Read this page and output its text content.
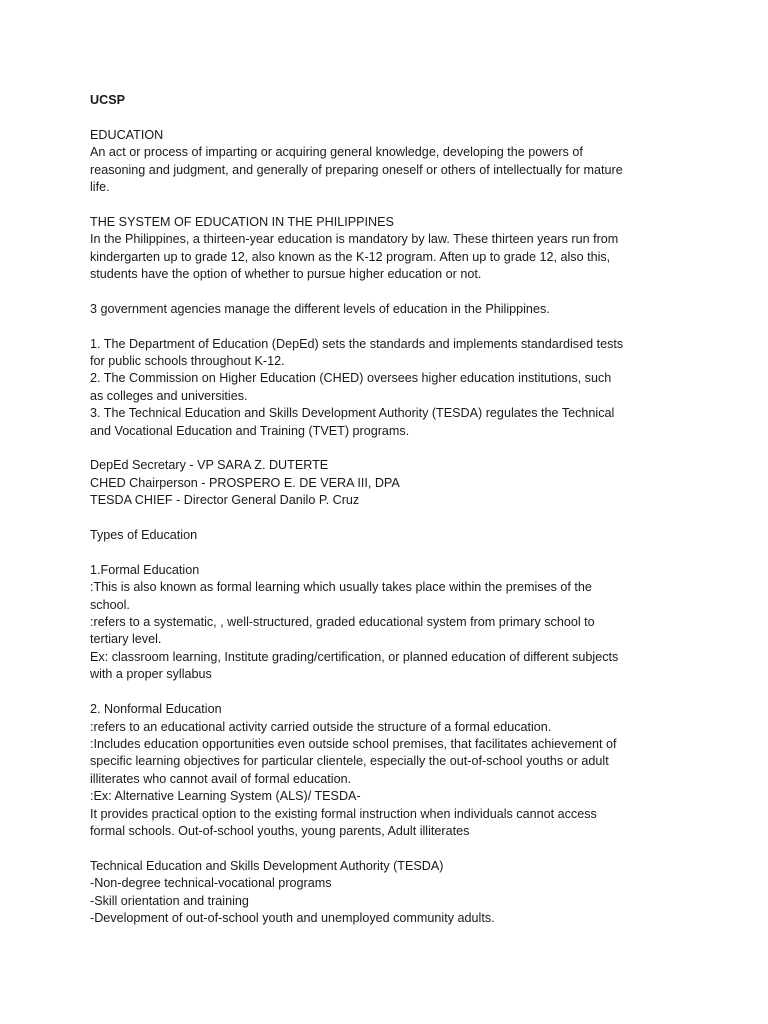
UCSP
EDUCATION
An act or process of imparting or acquiring general knowledge, developing the powers of
reasoning and judgment, and generally of preparing oneself or others of intellectually for mature
life.
THE SYSTEM OF EDUCATION IN THE PHILIPPINES
In the Philippines, a thirteen-year education is mandatory by law. These thirteen years run from
kindergarten up to grade 12, also known as the K-12 program. Aften up to grade 12, also this,
students have the option of whether to pursue higher education or not.
3 government agencies manage the different levels of education in the Philippines.
1. The Department of Education (DepEd) sets the standards and implements standardised tests
for public schools throughout K-12.
2. The Commission on Higher Education (CHED) oversees higher education institutions, such
as colleges and universities.
3. The Technical Education and Skills Development Authority (TESDA) regulates the Technical
and Vocational Education and Training (TVET) programs.
DepEd Secretary - VP SARA Z. DUTERTE
CHED Chairperson - PROSPERO E. DE VERA III, DPA
TESDA CHIEF - Director General Danilo P. Cruz
Types of Education
1.Formal Education
:This is also known as formal learning which usually takes place within the premises of the
school.
:refers to a systematic, , well-structured, graded educational system from primary school to
tertiary level.
Ex: classroom learning, Institute grading/certification, or planned education of different subjects
with a proper syllabus
2. Nonformal Education
:refers to an educational activity carried outside the structure of a formal education.
:Includes education opportunities even outside school premises, that facilitates achievement of
specific learning objectives for particular clientele, especially the out-of-school youths or adult
illiterates who cannot avail of formal education.
:Ex: Alternative Learning System (ALS)/ TESDA-
It provides practical option to the existing formal instruction when individuals cannot access
formal schools. Out-of-school youths, young parents, Adult illiterates
Technical Education and Skills Development Authority (TESDA)
-Non-degree technical-vocational programs
-Skill orientation and training
-Development of out-of-school youth and unemployed community adults.
